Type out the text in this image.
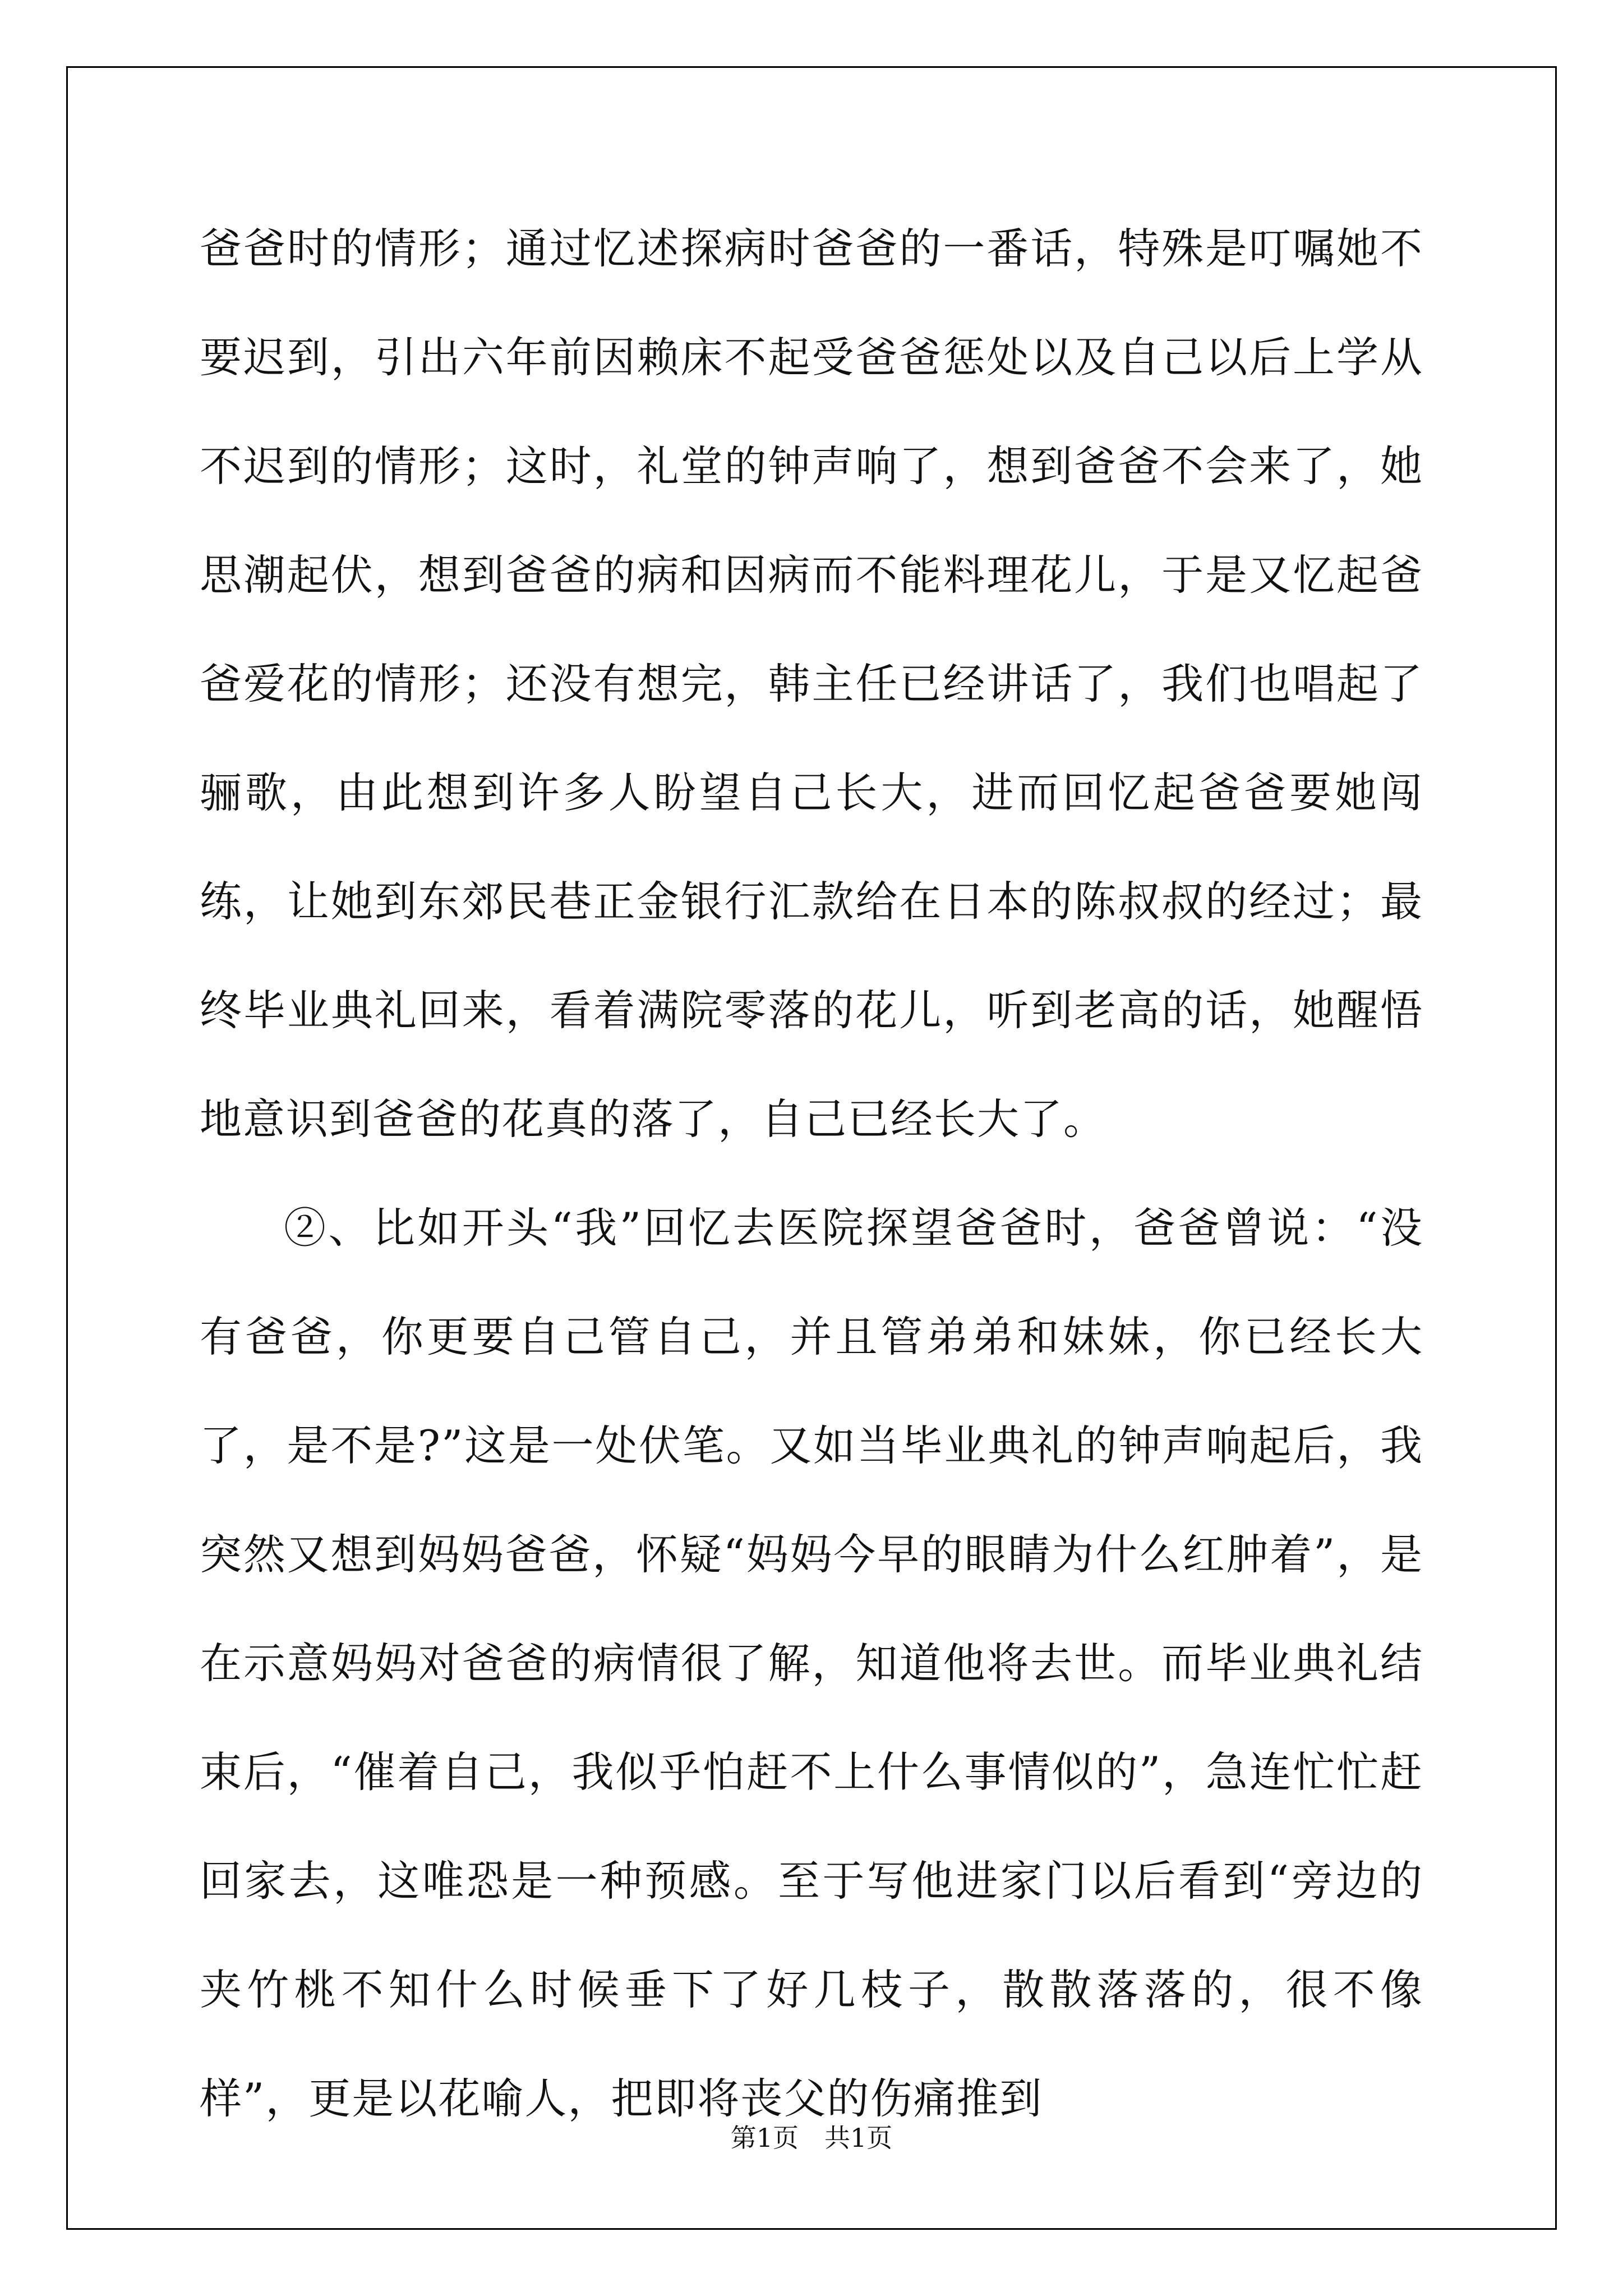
爸爸时的情形；通过忆述探病时爸爸的一番话，特殊是叮嘱她不要迟到，引出六年前因赖床不起受爸爸惩处以及自己以后上学从不迟到的情形；这时，礼堂的钟声响了，想到爸爸不会来了，她思潮起伏，想到爸爸的病和因病而不能料理花儿，于是又忆起爸爸爱花的情形；还没有想完，韩主任已经讲话了，我们也唱起了骊歌，由此想到许多人盼望自己长大，进而回忆起爸爸要她闯练，让她到东郊民巷正金银行汇款给在日本的陈叔叔的经过；最终毕业典礼回来，看着满院零落的花儿，听到老高的话，她醒悟地意识到爸爸的花真的落了，自己已经长大了。

②、比如开头“我”回忆去医院探望爸爸时，爸爸曾说：“没有爸爸，你更要自己管自己，并且管弟弟和妹妹，你已经长大了，是不是?”这是一处伏笔。又如当毕业典礼的钟声响起后，我突然又想到妈妈爸爸，怀疑“妈妈今早的眼睛为什么红肿着”，是在示意妈妈对爸爸的病情很了解，知道他将去世。而毕业典礼结束后，“催着自己，我似乎怕赶不上什么事情似的”，急连忙忙赶回家去，这唯恐是一种预感。至于写他进家门以后看到“旁边的夹竹桃不知什么时候垂下了好几枝子，散散落落的，很不像样”，更是以花喻人，把即将丧父的伤痛推到

第1页　共1页
